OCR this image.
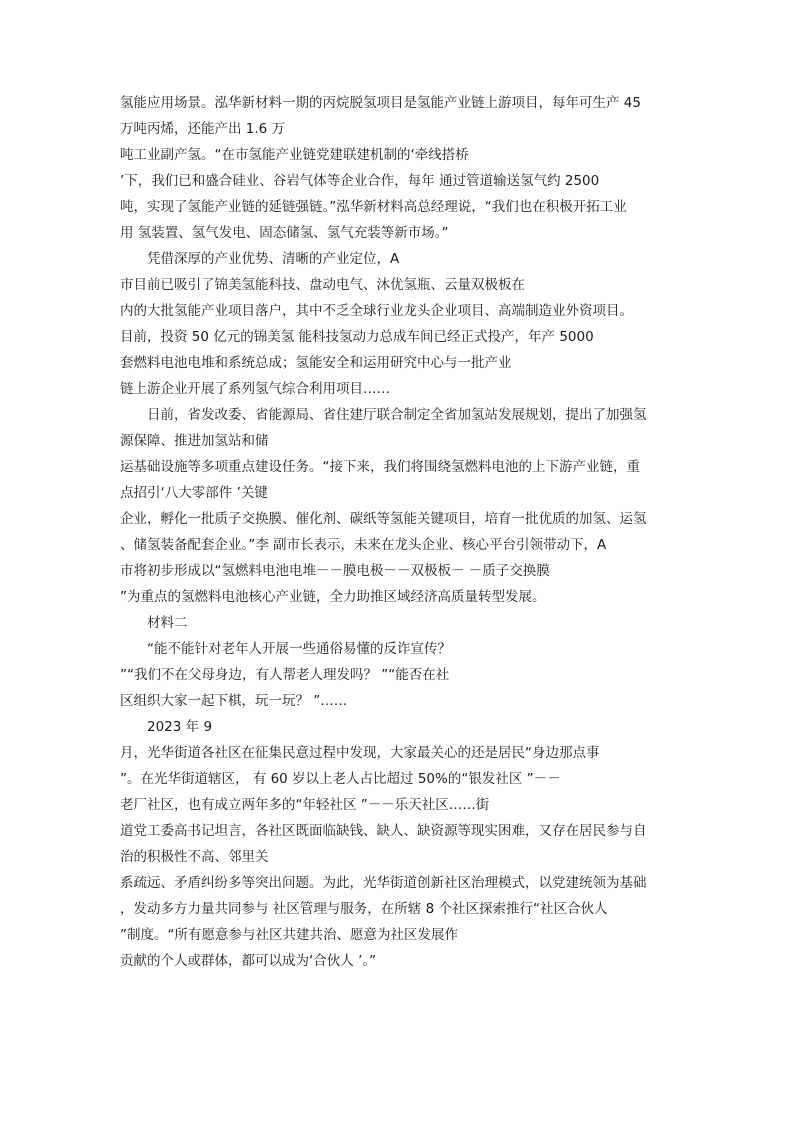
氢能应用场景。泓华新材料一期的丙烷脱氢项目是氢能产业链上游项目，每年可生产 45
万吨丙烯，还能产出 1.6 万
吨工业副产氢。“在市氢能产业链党建联建机制的‘牵线搭桥
’下，我们已和盛合硅业、谷岩气体等企业合作，每年 通过管道输送氢气约 2500
吨，实现了氢能产业链的延链强链。”泓华新材料高总经理说，“我们也在积极开拓工业
用 氢装置、氢气发电、固态储氢、氢气充装等新市场。”
凭借深厚的产业优势、清晰的产业定位，A
市目前已吸引了锦美氢能科技、盘动电气、沐优氢瓶、云量双极板在
内的大批氢能产业项目落户，其中不乏全球行业龙头企业项目、高端制造业外资项目。
目前，投资 50 亿元的锦美氢 能科技氢动力总成车间已经正式投产，年产 5000
套燃料电池电堆和系统总成；氢能安全和运用研究中心与一批产业
链上游企业开展了系列氢气综合利用项目……
日前，省发改委、省能源局、省住建厅联合制定全省加氢站发展规划，提出了加强氢
源保障、推进加氢站和储
运基础设施等多项重点建设任务。“接下来，我们将围绕氢燃料电池的上下游产业链，重
点招引‘八大零部件 ’关键
企业，孵化一批质子交换膜、催化剂、碳纸等氢能关键项目，培育一批优质的加氢、运氢
、储氢装备配套企业。”李 副市长表示，未来在龙头企业、核心平台引领带动下，A
市将初步形成以“氢燃料电池电堆－－膜电极－－双极板－ －质子交换膜
”为重点的氢燃料电池核心产业链，全力助推区域经济高质量转型发展。
材料二
“能不能针对老年人开展一些通俗易懂的反诈宣传？
”“我们不在父母身边，有人帮老人理发吗？ ”“能否在社
区组织大家一起下棋，玩一玩？ ”……
2023 年 9
月，光华街道各社区在征集民意过程中发现，大家最关心的还是居民“身边那点事
”。在光华街道辖区， 有 60 岁以上老人占比超过 50%的“银发社区 ”－－
老厂社区，也有成立两年多的“年轻社区 ”－－乐天社区……街
道党工委高书记坦言，各社区既面临缺钱、缺人、缺资源等现实困难，又存在居民参与自
治的积极性不高、邻里关
系疏远、矛盾纠纷多等突出问题。为此，光华街道创新社区治理模式，以党建统领为基础
，发动多方力量共同参与 社区管理与服务，在所辖 8 个社区探索推行“社区合伙人
”制度。“所有愿意参与社区共建共治、愿意为社区发展作
贡献的个人或群体，都可以成为‘合伙人 ’。”
